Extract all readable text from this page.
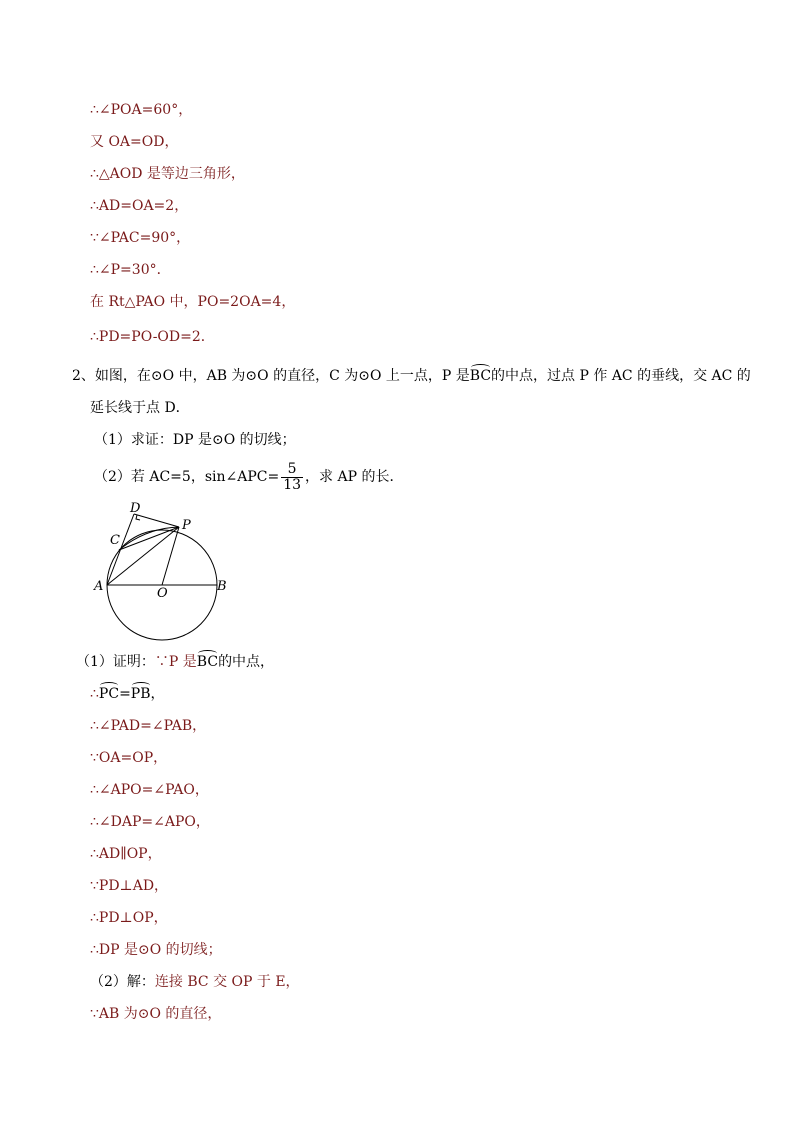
∴∠POA=60°，
又 OA=OD，
∴△AOD 是等边三角形，
∴AD=OA=2，
∵∠PAC=90°，
∴∠P=30°．
在 Rt△PAO 中，PO=2OA=4，
∴PD=PO-OD=2．
2、如图，在⊙O 中，AB 为⊙O 的直径，C 为⊙O 上一点，P 是BC的中点，过点 P 作 AC 的垂线，交 AC 的
延长线于点 D．
（1）求证：DP 是⊙O 的切线；
（2）若 AC=5，sin∠APC= $\frac{5}{13}$ ，求 AP 的长．
A	B
C
D
P
O
（1）证明：∵P 是BC的中点，
∴PC=PB，
∴∠PAD=∠PAB，
∵OA=OP，
∴∠APO=∠PAO，
∴∠DAP=∠APO，
∴AD∥OP，
∵PD⊥AD，
∴PD⊥OP，
∴DP 是⊙O 的切线；
（2）解：连接 BC 交 OP 于 E，
∵AB 为⊙O 的直径，
